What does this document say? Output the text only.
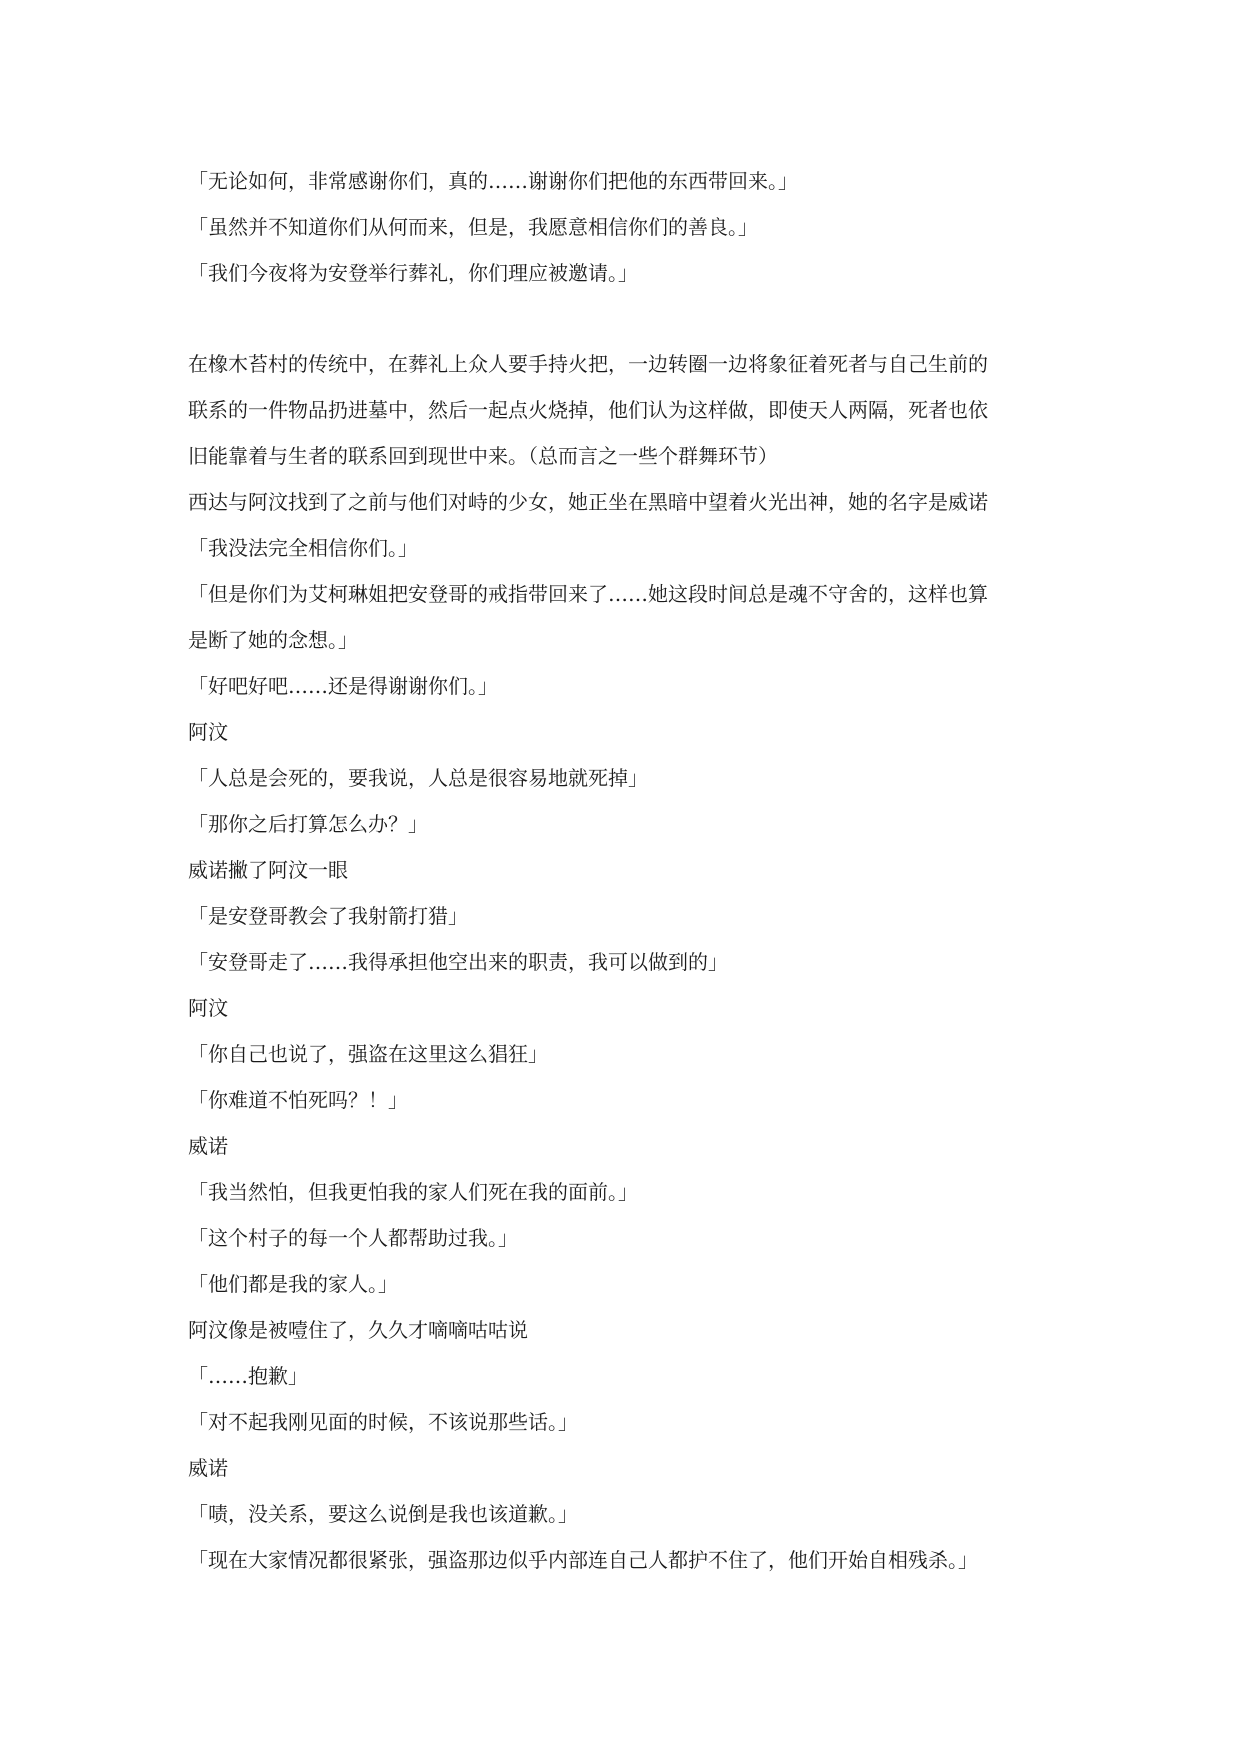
「无论如何，非常感谢你们，真的……谢谢你们把他的东西带回来。」
「虽然并不知道你们从何而来，但是，我愿意相信你们的善良。」
「我们今夜将为安登举行葬礼，你们理应被邀请。」
在橡木苔村的传统中，在葬礼上众人要手持火把，一边转圈一边将象征着死者与自己生前的
联系的一件物品扔进墓中，然后一起点火烧掉，他们认为这样做，即使天人两隔，死者也依
旧能靠着与生者的联系回到现世中来。（总而言之一些个群舞环节）
西达与阿汶找到了之前与他们对峙的少女，她正坐在黑暗中望着火光出神，她的名字是威诺
「我没法完全相信你们。」
「但是你们为艾柯琳姐把安登哥的戒指带回来了……她这段时间总是魂不守舍的，这样也算
是断了她的念想。」
「好吧好吧……还是得谢谢你们。」
阿汶
「人总是会死的，要我说，人总是很容易地就死掉」
「那你之后打算怎么办？」
威诺撇了阿汶一眼
「是安登哥教会了我射箭打猎」
「安登哥走了……我得承担他空出来的职责，我可以做到的」
阿汶
「你自己也说了，强盗在这里这么猖狂」
「你难道不怕死吗？！」
威诺
「我当然怕，但我更怕我的家人们死在我的面前。」
「这个村子的每一个人都帮助过我。」
「他们都是我的家人。」
阿汶像是被噎住了，久久才嘀嘀咕咕说
「……抱歉」
「对不起我刚见面的时候，不该说那些话。」
威诺
「啧，没关系，要这么说倒是我也该道歉。」
「现在大家情况都很紧张，强盗那边似乎内部连自己人都护不住了，他们开始自相残杀。」
